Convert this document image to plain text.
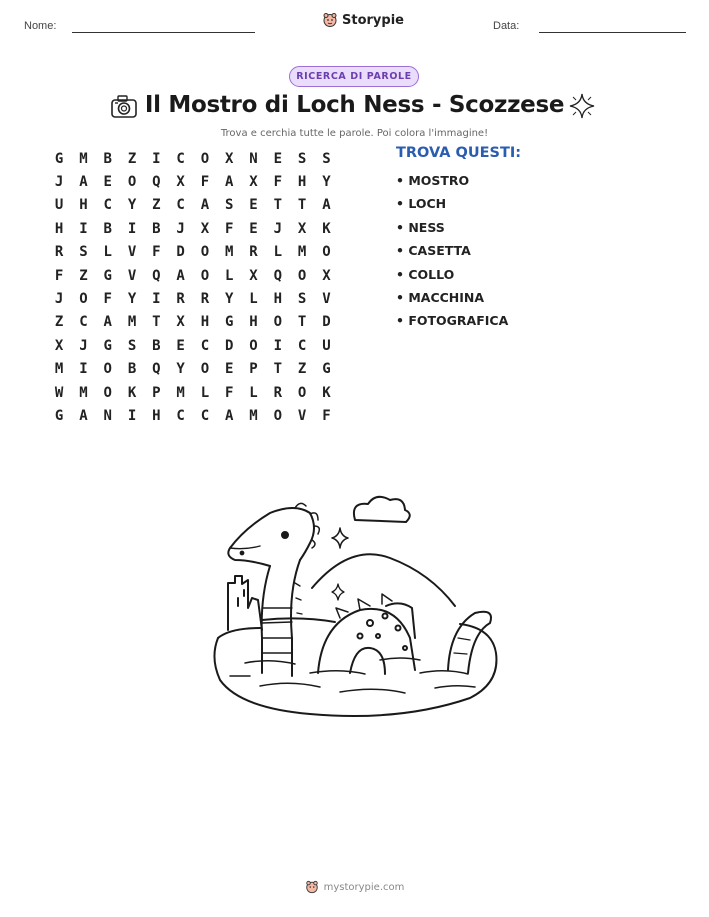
Nome:	Storypie	Data:
RICERCA DI PAROLE
Il Mostro di Loch Ness - Scozzese
Trova e cerchia tutte le parole. Poi colora l'immagine!
G	M	B	Z	I	C	O	X	N	E	S	S
J	A	E	O	Q	X	F	A	X	F	H	Y
U	H	C	Y	Z	C	A	S	E	T	T	A
H	I	B	I	B	J	X	F	E	J	X	K
R	S	L	V	F	D	O	M	R	L	M	O
F	Z	G	V	Q	A	O	L	X	Q	O	X
J	O	F	Y	I	R	R	Y	L	H	S	V
Z	C	A	M	T	X	H	G	H	O	T	D
X	J	G	S	B	E	C	D	O	I	C	U
M	I	O	B	Q	Y	O	E	P	T	Z	G
W	M	O	K	P	M	L	F	L	R	O	K
G	A	N	I	H	C	C	A	M	O	V	F
TROVA QUESTI:
• MOSTRO
• LOCH
• NESS
• CASETTA
• COLLO
• MACCHINA
• FOTOGRAFICA
mystorypie.com
